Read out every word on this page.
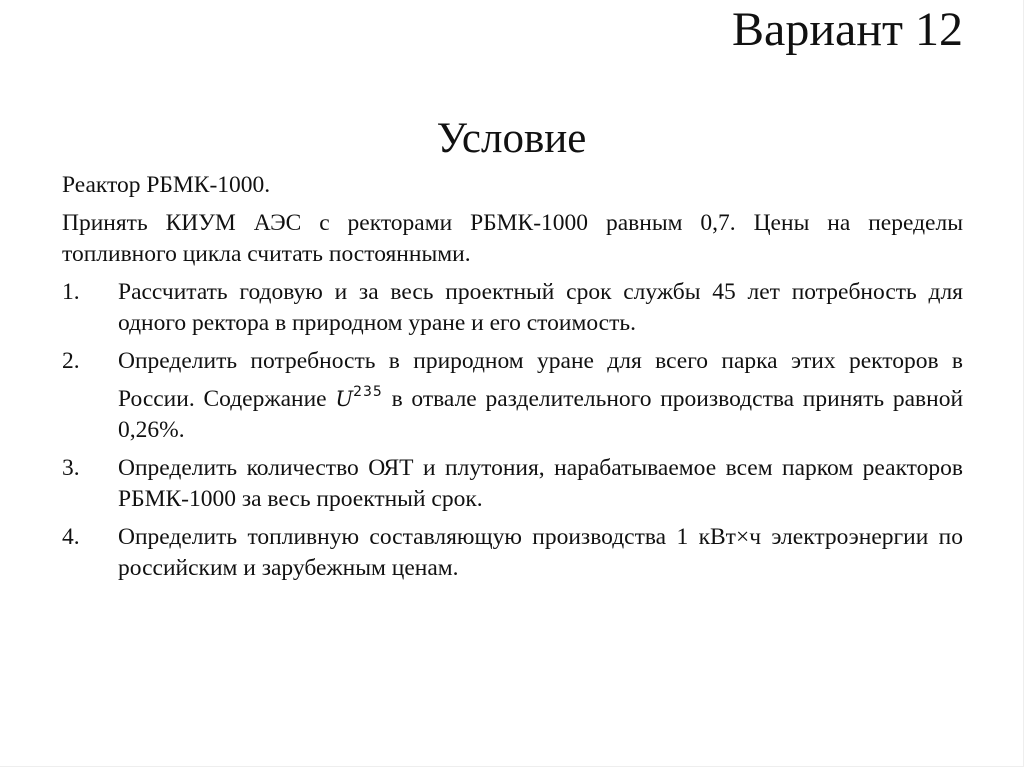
Вариант 12
Условие

Реактор РБМК-1000.

Принять КИУМ АЭС с ректорами РБМК-1000 равным 0,7. Цены на переделы топливного цикла считать постоянными.

1.	Рассчитать годовую и за весь проектный срок службы 45 лет потребность для одного ректора в природном уране и его стоимость.
2.	Определить потребность в природном уране для всего парка этих ректоров в России. Содержание $U^{235}$ в отвале разделительного производства принять равной 0,26%.
3.	Определить количество ОЯТ и плутония, нарабатываемое всем парком реакторов РБМК-1000 за весь проектный срок.
4.	Определить топливную составляющую производства 1 кВт×ч электроэнергии по российским и зарубежным ценам.
